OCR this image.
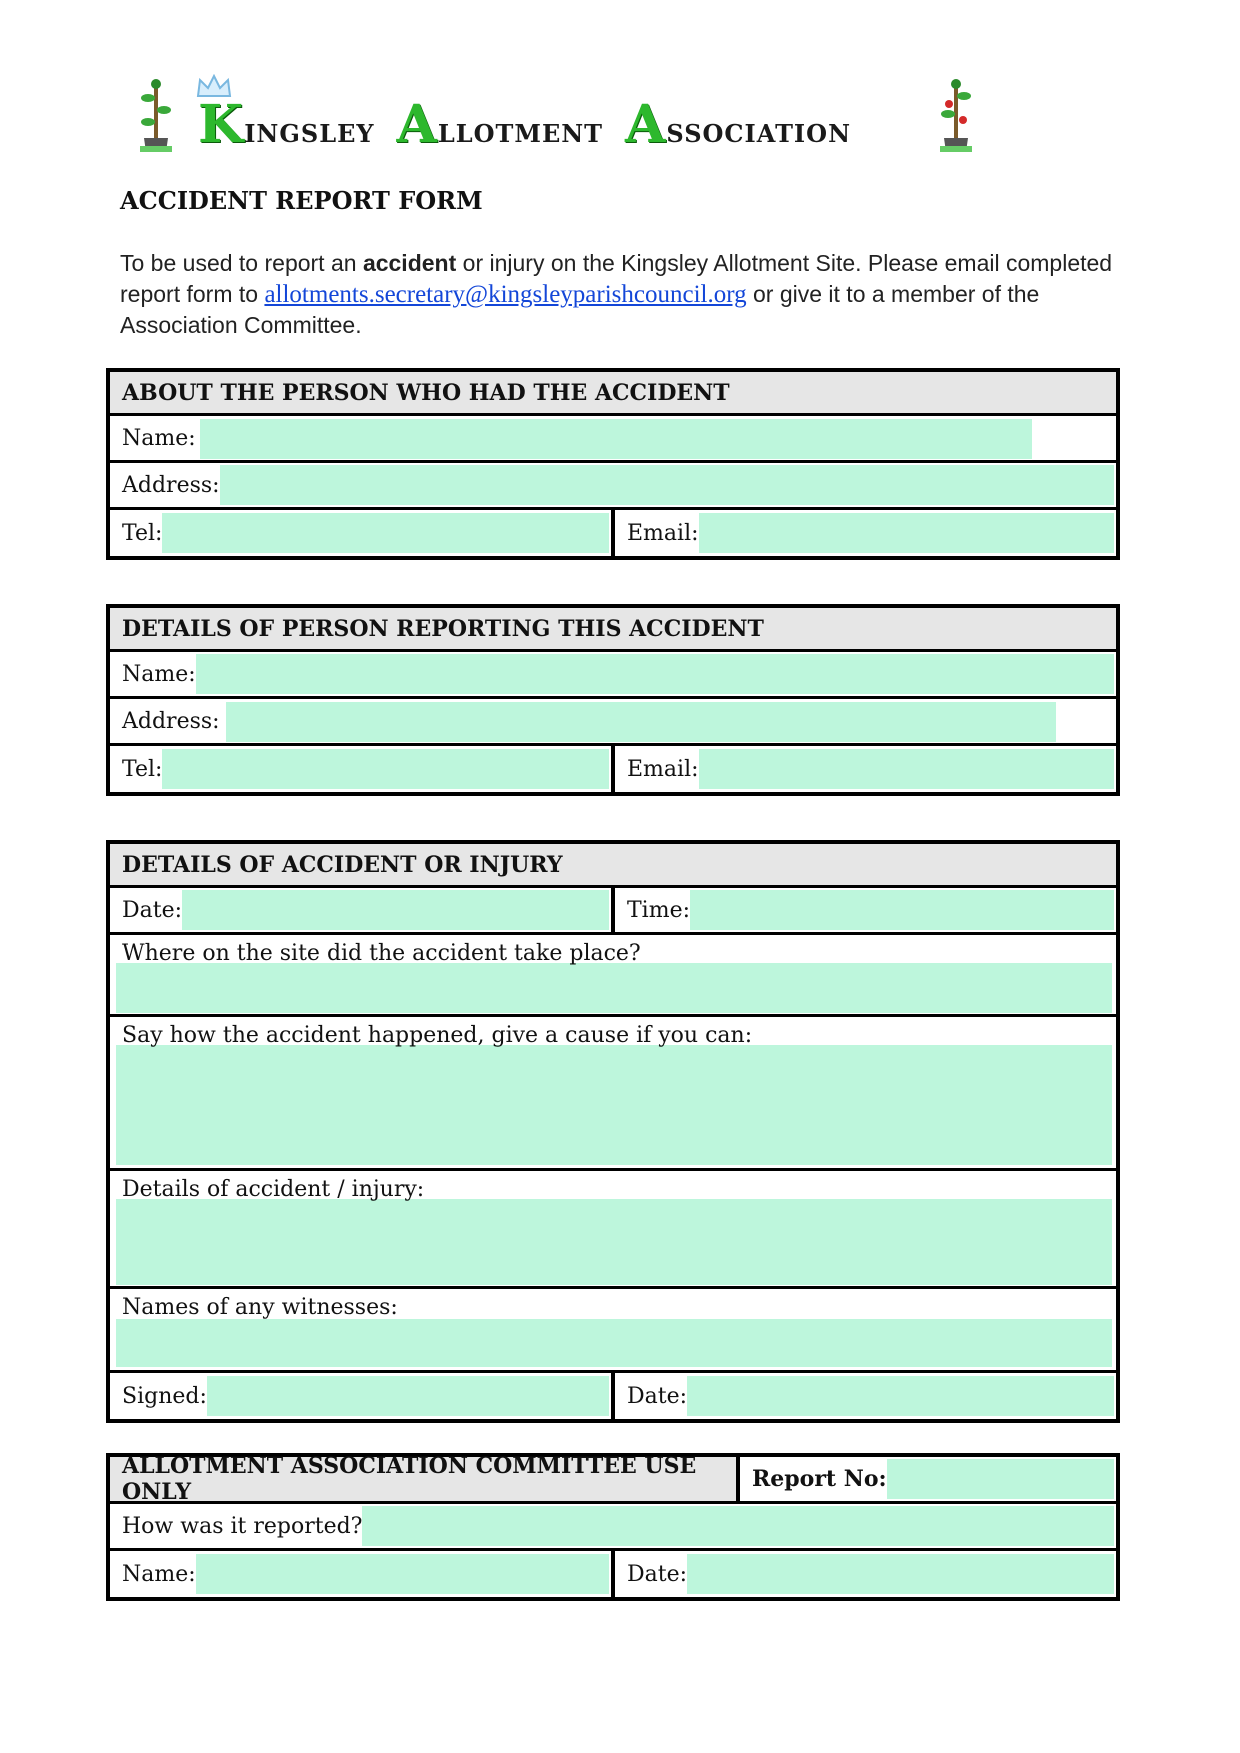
Kingsley Allotment Association
ACCIDENT REPORT FORM
To be used to report an accident or injury on the Kingsley Allotment Site. Please email completed report form to allotments.secretary@kingsleyparishcouncil.org or give it to a member of the Association Committee.
ABOUT THE PERSON WHO HAD THE ACCIDENT
Name:
Address:
Tel:	Email:
DETAILS OF PERSON REPORTING THIS ACCIDENT
Name:
Address:
Tel:	Email:
DETAILS OF ACCIDENT OR INJURY
Date:	Time:
Where on the site did the accident take place?
Say how the accident happened, give a cause if you can:
Details of accident / injury:
Names of any witnesses:
Signed:	Date:
ALLOTMENT ASSOCIATION COMMITTEE USE ONLY	Report No:
How was it reported?
Name:	Date:
